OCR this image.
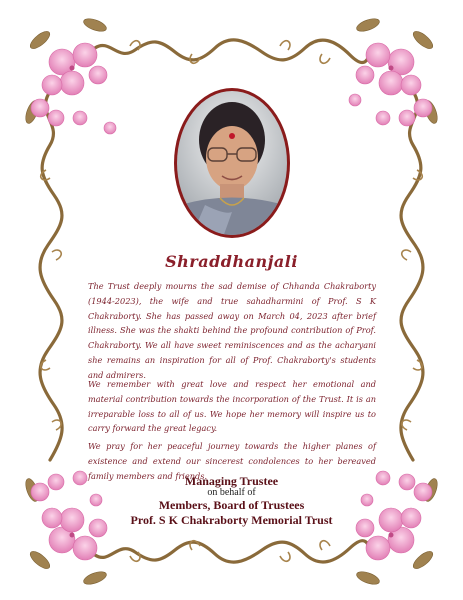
Shraddhanjali

The Trust deeply mourns the sad demise of Chhanda Chakraborty (1944-2023), the wife and true sahadharmini of Prof. S K Chakraborty. She has passed away on March 04, 2023 after brief illness. She was the shakti behind the profound contribution of Prof. Chakraborty. We all have sweet reminiscences and as the acharyani she remains an inspiration for all of Prof. Chakraborty's students and admirers.

We remember with great love and respect her emotional and material contribution towards the incorporation of the Trust. It is an irreparable loss to all of us. We hope her memory will inspire us to carry forward the great legacy.

We pray for her peaceful journey towards the higher planes of existence and extend our sincerest condolences to her bereaved family members and friends.

Managing Trustee
on behalf of
Members, Board of Trustees
Prof. S K Chakraborty Memorial Trust
